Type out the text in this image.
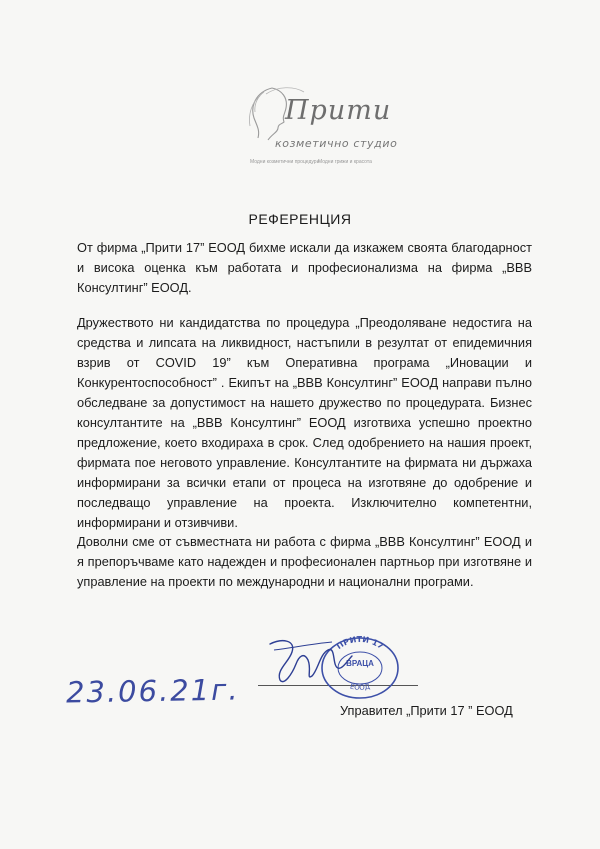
Прити
козметично студио
Модни козметични процедури
Модни грижи и красота
РЕФЕРЕНЦИЯ

От фирма „Прити 17” ЕООД бихме искали да изкажем своята благодарност и висока оценка към работата и професионализма на фирма „ВВВ Консултинг” ЕООД.

Дружеството ни кандидатства по процедура „Преодоляване недостига на средства и липсата на ликвидност, настъпили в резултат от епидемичния взрив от COVID 19” към Оперативна програма „Иновации и Конкурентоспособност” . Екипът на „ВВВ Консултинг” ЕООД направи пълно обследване за допустимост на нашето дружество по процедурата. Бизнес консултантите на „ВВВ Консултинг” ЕООД изготвиха успешно проектно предложение, което входираха в срок. След одобрението на нашия проект, фирмата пое неговото управление. Консултантите на фирмата ни държаха информирани за всички етапи от процеса на изготвяне до одобрение и последващо управление на проекта. Изключително компетентни, информирани и отзивчиви.

Доволни сме от съвместната ни работа с фирма „ВВВ Консултинг” ЕООД и я препоръчваме като надежден и професионален партньор при изготвяне и управление на проекти по международни и национални програми.

23.06.21г.
ПРИТИ 17
ЕООД
ВРАЦА
Управител „Прити 17 ” ЕООД
